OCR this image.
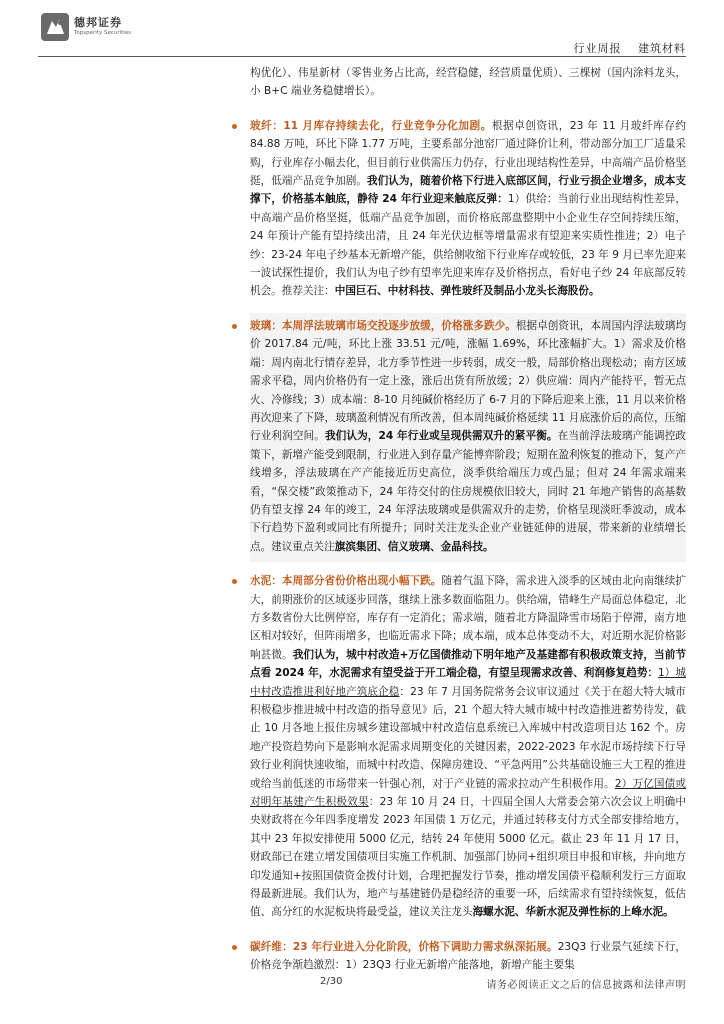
德邦证券
Topsperity Securities
行业周报 建筑材料

构优化）、伟星新材（零售业务占比高，经营稳健，经营质量优质）、三棵树（国内涂料龙头，小 B+C 端业务稳健增长）。

玻纤：11 月库存持续去化，行业竞争分化加剧。根据卓创资讯，23 年 11 月玻纤库存约 84.88 万吨，环比下降 1.77 万吨，主要系部分池窑厂通过降价让利，带动部分加工厂适量采购，行业库存小幅去化，但目前行业供需压力仍存，行业出现结构性差异，中高端产品价格坚挺，低端产品竞争加剧。我们认为，随着价格下行进入底部区间，行业亏损企业增多，成本支撑下，价格基本触底，静待 24 年行业迎来触底反弹：1）供给：当前行业出现结构性差异，中高端产品价格坚挺，低端产品竞争加剧，而价格底部盘整期中小企业生存空间持续压缩，24 年预计产能有望持续出清，且 24 年光伏边框等增量需求有望迎来实质性推进；2）电子纱：23-24 年电子纱基本无新增产能，供给侧收缩下行业库存或较低，23 年 9 月已率先迎来一波试探性提价，我们认为电子纱有望率先迎来库存及价格拐点，看好电子纱 24 年底部反转机会。推荐关注：中国巨石、中材科技、弹性玻纤及制品小龙头长海股份。

玻璃：本周浮法玻璃市场交投逐步放缓，价格涨多跌少。根据卓创资讯，本周国内浮法玻璃均价 2017.84 元/吨，环比上涨 33.51 元/吨，涨幅 1.69%，环比涨幅扩大。1）需求及价格端：周内南北行情存差异，北方季节性进一步转弱，成交一般，局部价格出现松动；南方区域需求平稳，周内价格仍有一定上涨，涨后出货有所放缓；2）供应端：周内产能持平，暂无点火、冷修线；3）成本端：8-10 月纯碱价格经历了 6-7 月的下降后迎来上涨，11 月以来价格再次迎来了下降，玻璃盈利情况有所改善，但本周纯碱价格延续 11 月底涨价后的高位，压缩行业利润空间。我们认为，24 年行业或呈现供需双升的紧平衡。在当前浮法玻璃产能调控政策下，新增产能受到限制，行业进入到存量产能博弈阶段；短期在盈利恢复的推动下，复产产线增多，浮法玻璃在产产能接近历史高位，淡季供给端压力或凸显；但对 24 年需求端来看，“保交楼”政策推动下，24 年待交付的住房规模依旧较大，同时 21 年地产销售的高基数仍有望支撑 24 年的竣工，24 年浮法玻璃或是供需双升的走势，价格呈现淡旺季波动，成本下行趋势下盈利或同比有所提升；同时关注龙头企业产业链延伸的进展，带来新的业绩增长点。建议重点关注旗滨集团、信义玻璃、金晶科技。

水泥：本周部分省份价格出现小幅下跌。随着气温下降，需求进入淡季的区域由北向南继续扩大，前期涨价的区域逐步回落，继续上涨多数面临阻力。供给端，错峰生产局面总体稳定，北方多数省份大比例停窑，库存有一定消化；需求端，随着北方降温降雪市场陷于停滞，南方地区相对较好，但阵雨增多，也临近需求下降；成本端，成本总体变动不大，对近期水泥价格影响甚微。我们认为，城中村改造+万亿国债推动下明年地产及基建都有积极政策支持，当前节点看 2024 年，水泥需求有望受益于开工端企稳，有望呈现需求改善、利润修复趋势：1）城中村改造推进利好地产筑底企稳：23 年 7 月国务院常务会议审议通过《关于在超大特大城市积极稳步推进城中村改造的指导意见》后，21 个超大特大城市城中村改造推进蓄势待发，截止 10 月各地上报住房城乡建设部城中村改造信息系统已入库城中村改造项目达 162 个。房地产投资趋势向下是影响水泥需求周期变化的关键因素，2022-2023 年水泥市场持续下行导致行业利润快速收缩，而城中村改造、保障房建设、“平急两用”公共基础设施三大工程的推进或给当前低迷的市场带来一针强心剂，对于产业链的需求拉动产生积极作用。2）万亿国债或对明年基建产生积极效果：23 年 10 月 24 日，十四届全国人大常委会第六次会议上明确中央财政将在今年四季度增发 2023 年国债 1 万亿元，并通过转移支付方式全部安排给地方，其中 23 年拟安排使用 5000 亿元，结转 24 年使用 5000 亿元。截止 23 年 11 月 17 日，财政部已在建立增发国债项目实施工作机制、加强部门协同+组织项目申报和审核，并向地方印发通知+按照国债资金拨付计划，合理把握发行节奏，推动增发国债平稳顺利发行三方面取得最新进展。我们认为，地产与基建链仍是稳经济的重要一环，后续需求有望持续恢复，低估值、高分红的水泥板块将最受益，建议关注龙头海螺水泥、华新水泥及弹性标的上峰水泥。

碳纤维：23 年行业进入分化阶段，价格下调助力需求纵深拓展。23Q3 行业景气延续下行，价格竞争渐趋激烈：1）23Q3 行业无新增产能落地，新增产能主要集

2/30	请务必阅读正文之后的信息披露和法律声明
